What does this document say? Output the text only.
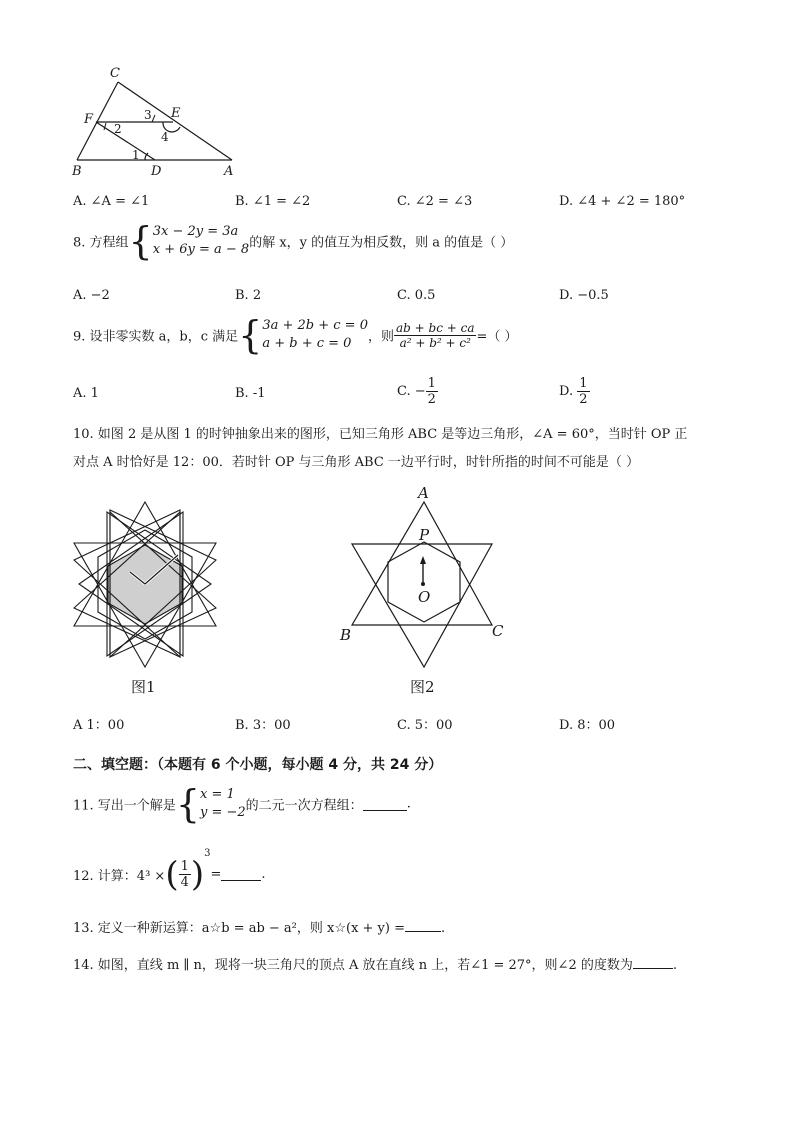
C
E
F
B	D	A
3
2
4
1
A. ∠A = ∠1	B. ∠1 = ∠2	C. ∠2 = ∠3	D. ∠4 + ∠2 = 180°
8. 方程组{ 3x − 2y = 3a
x + 6y = a − 8 的解 x，y 的值互为相反数，则 a 的值是（ ）
A. −2	B. 2	C. 0.5	D. −0.5
9. 设非零实数 a，b，c 满足{ 3a + 2b + c = 0
a + b + c = 0	，则 $\frac{ab + bc + ca}{\text{a² + b² + c²}}$ =（ ）
A. 1	B. -1	C. − $\frac{1}{2}$	D. $\frac{1}{2}$
10. 如图 2 是从图 1 的时钟抽象出来的图形，已知三角形 ABC 是等边三角形，∠A = 60°，当时针 OP 正
对点 A 时恰好是 12：00．若时针 OP 与三角形 ABC 一边平行时，时针所指的时间不可能是（ ）
图1
A
P
O
B	C
图2
A 1：00	B. 3：00	C. 5：00	D. 8：00
二、填空题：（本题有 6 个小题，每小题 4 分，共 24 分）
11. 写出一个解是{ x = 1
y = −2 的二元一次方程组：	.
12. 计算：4³ ×( $\frac{1}{4} )^3=$	.
13. 定义一种新运算：a☆b = ab − a²，则 x☆(x + y) =	.
14. 如图，直线 m ∥ n，现将一块三角尺的顶点 A 放在直线 n 上，若∠1 = 27°，则∠2 的度数为	.
